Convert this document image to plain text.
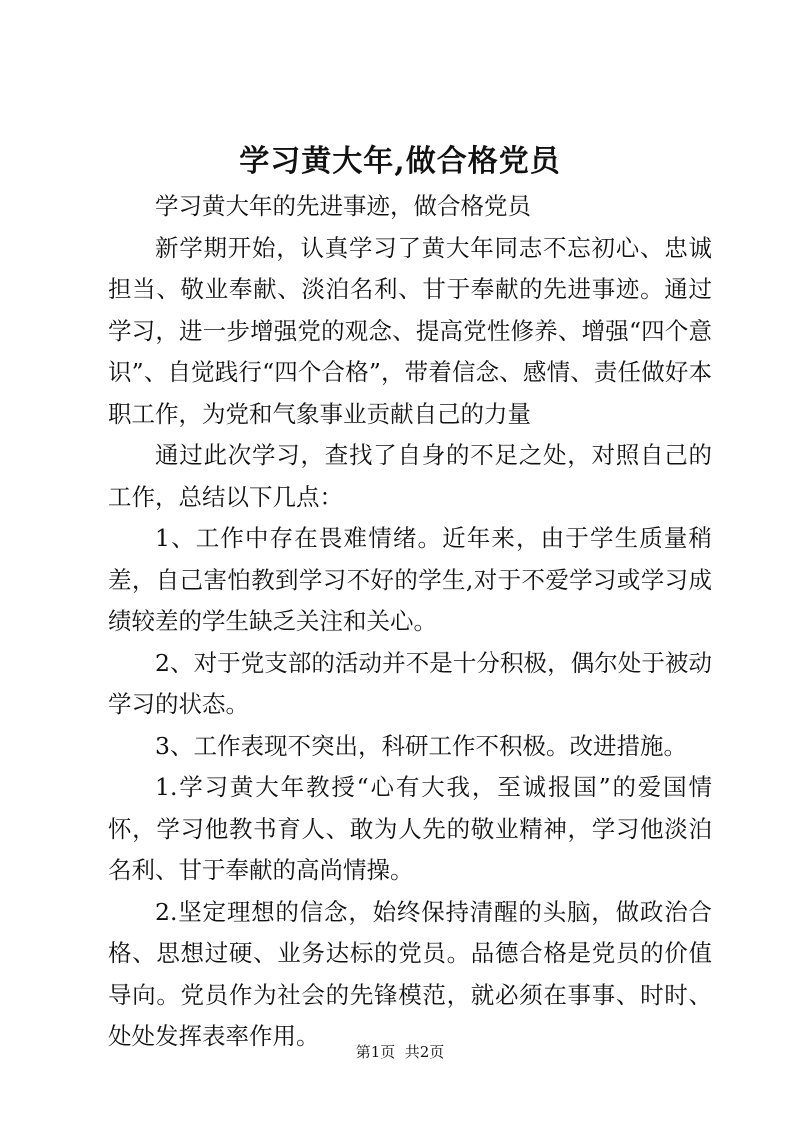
学习黄大年,做合格党员

学习黄大年的先进事迹，做合格党员

新学期开始，认真学习了黄大年同志不忘初心、忠诚担当、敬业奉献、淡泊名利、甘于奉献的先进事迹。通过学习，进一步增强党的观念、提高党性修养、增强“四个意识”、自觉践行“四个合格”，带着信念、感情、责任做好本职工作，为党和气象事业贡献自己的力量

通过此次学习，查找了自身的不足之处，对照自己的工作，总结以下几点：

1、工作中存在畏难情绪。近年来，由于学生质量稍差，自己害怕教到学习不好的学生,对于不爱学习或学习成绩较差的学生缺乏关注和关心。

2、对于党支部的活动并不是十分积极，偶尔处于被动学习的状态。

3、工作表现不突出，科研工作不积极。改进措施。

1.学习黄大年教授“心有大我，至诚报国”的爱国情怀，学习他教书育人、敢为人先的敬业精神，学习他淡泊名利、甘于奉献的高尚情操。

2.坚定理想的信念，始终保持清醒的头脑，做政治合格、思想过硬、业务达标的党员。品德合格是党员的价值导向。党员作为社会的先锋模范，就必须在事事、时时、处处发挥表率作用。

第1页  共2页
